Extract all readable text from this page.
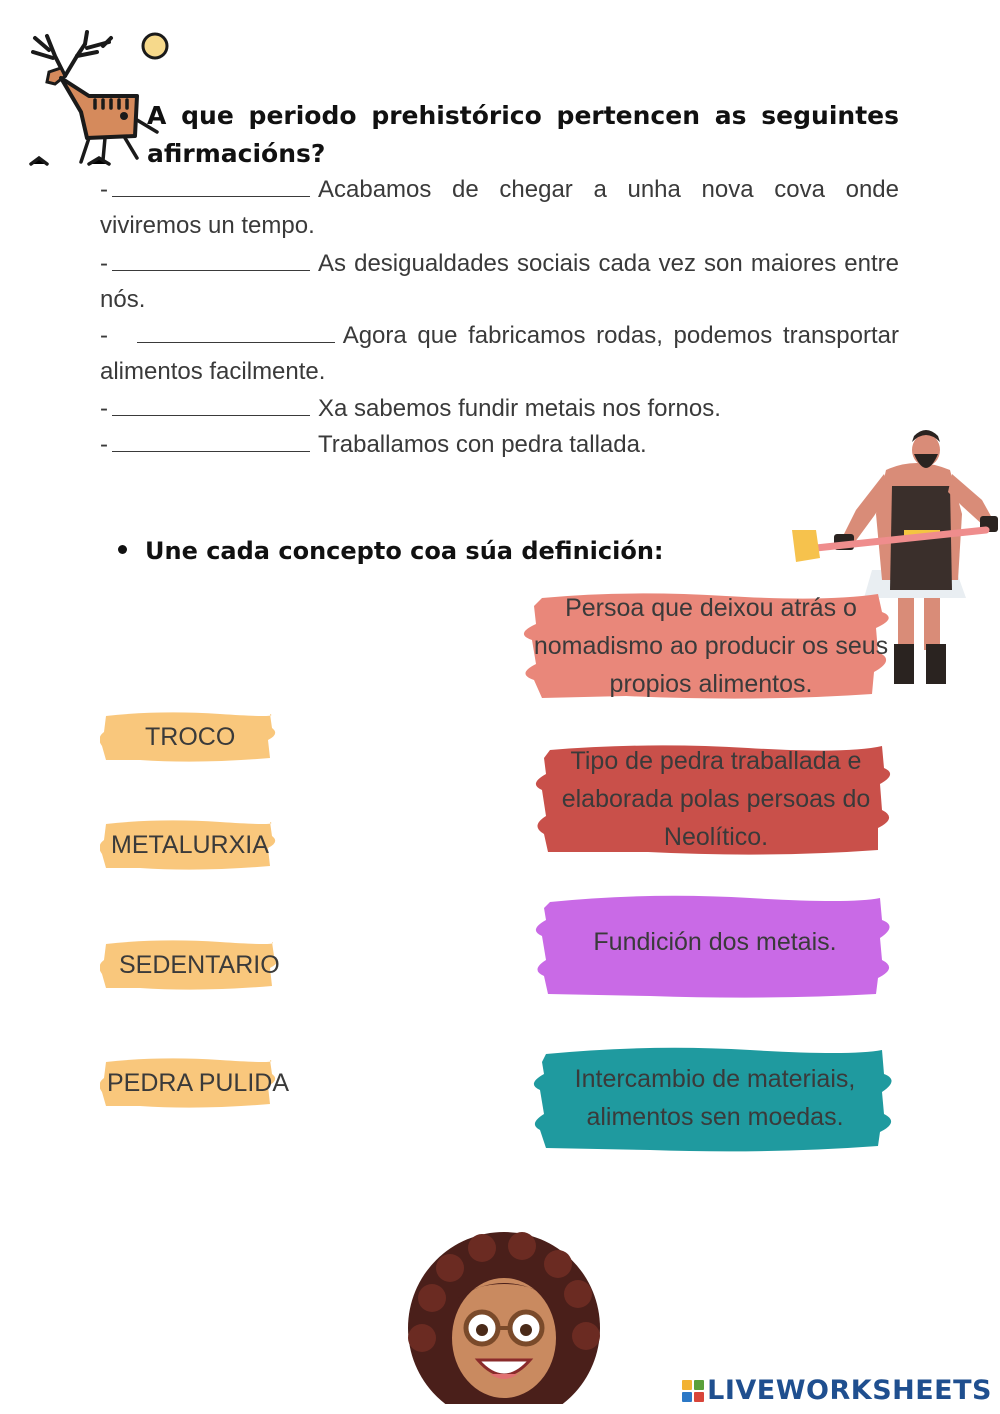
A que periodo prehistórico pertencen as seguintes afirmacións?
-	Acabamos de chegar a unha nova cova onde viviremos un tempo.
-	As desigualdades sociais cada vez son maiores entre nós.
-	Agora que fabricamos rodas, podemos transportar alimentos facilmente.
-	Xa sabemos fundir metais nos fornos.
-	Traballamos con pedra tallada.
Une cada concepto coa súa definición:
Persoa que deixou atrás o nomadismo ao producir os seus propios alimentos.
Tipo de pedra traballada e elaborada polas persoas do Neolítico.
Fundición dos metais.
Intercambio de materiais, alimentos sen moedas.
TROCO
METALURXIA
SEDENTARIO
PEDRA PULIDA
LIVEWORKSHEETS
